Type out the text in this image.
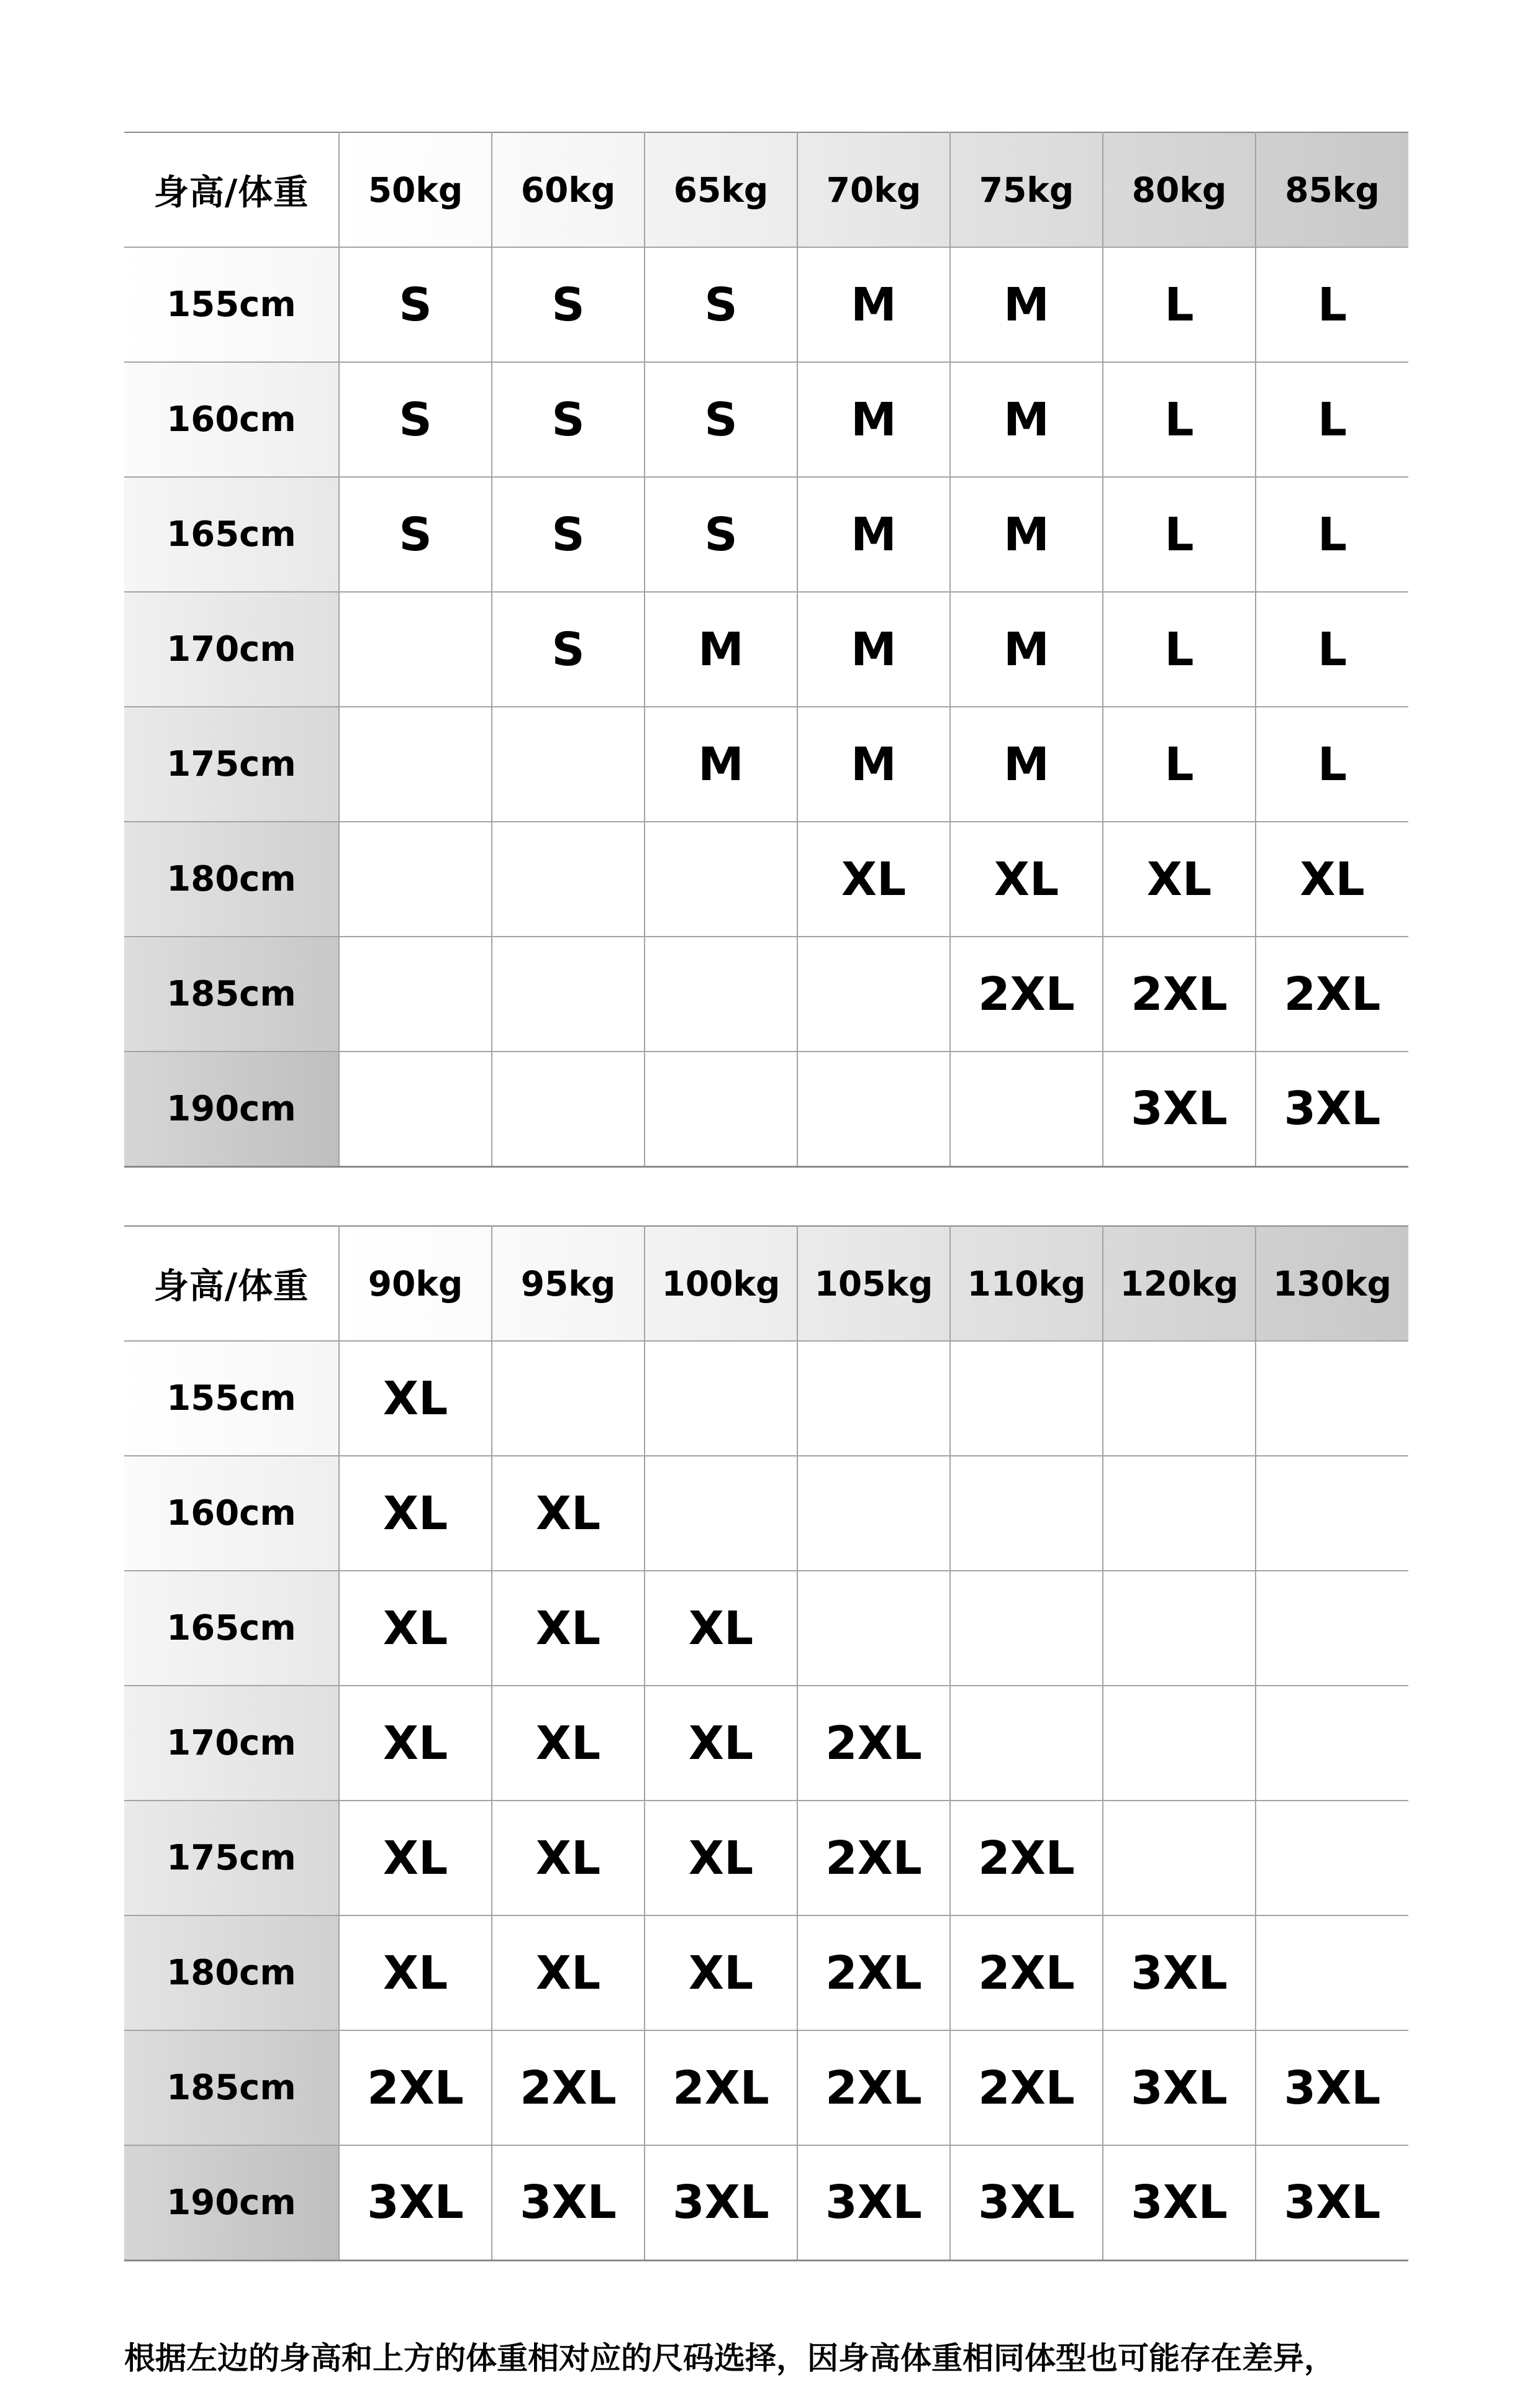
身高/体重	50kg	60kg	65kg	70kg	75kg	80kg	85kg
155cm	S	S	S	M	M	L	L
160cm	S	S	S	M	M	L	L
165cm	S	S	S	M	M	L	L
170cm		S	M	M	M	L	L
175cm			M	M	M	L	L
180cm				XL	XL	XL	XL
185cm					2XL	2XL	2XL
190cm						3XL	3XL
身高/体重	90kg	95kg	100kg	105kg	110kg	120kg	130kg
155cm	XL						
160cm	XL	XL					
165cm	XL	XL	XL				
170cm	XL	XL	XL	2XL			
175cm	XL	XL	XL	2XL	2XL		
180cm	XL	XL	XL	2XL	2XL	3XL	
185cm	2XL	2XL	2XL	2XL	2XL	3XL	3XL
190cm	3XL	3XL	3XL	3XL	3XL	3XL	3XL
根据左边的身高和上方的体重相对应的尺码选择，因身高体重相同体型也可能存在差异，
